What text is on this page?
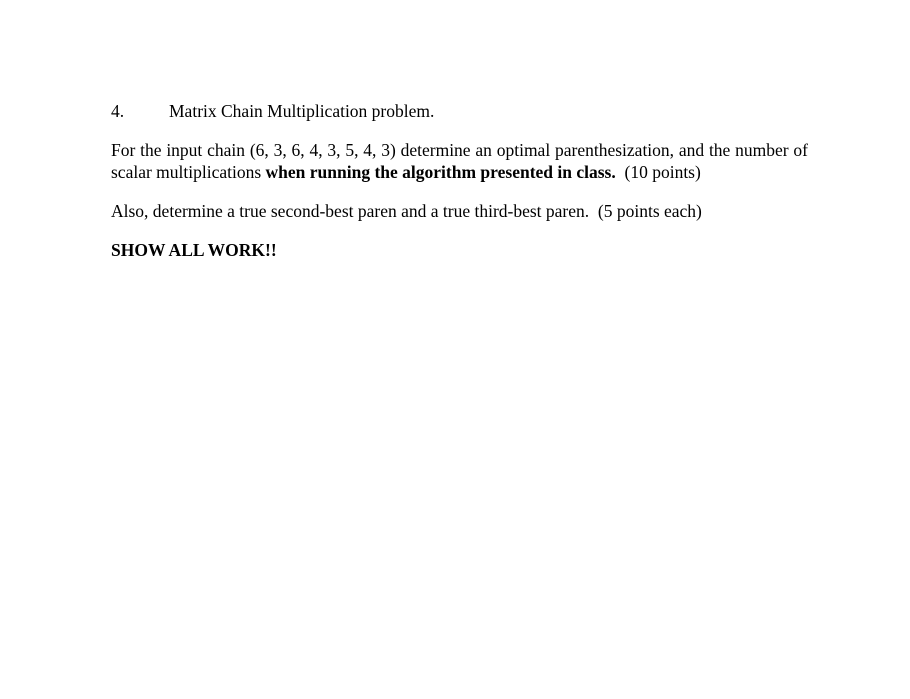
4.	Matrix Chain Multiplication problem.

For the input chain (6, 3, 6, 4, 3, 5, 4, 3) determine an optimal parenthesization, and the number of scalar multiplications when running the algorithm presented in class.  (10 points)

Also, determine a true second-best paren and a true third-best paren.  (5 points each)

SHOW ALL WORK!!
